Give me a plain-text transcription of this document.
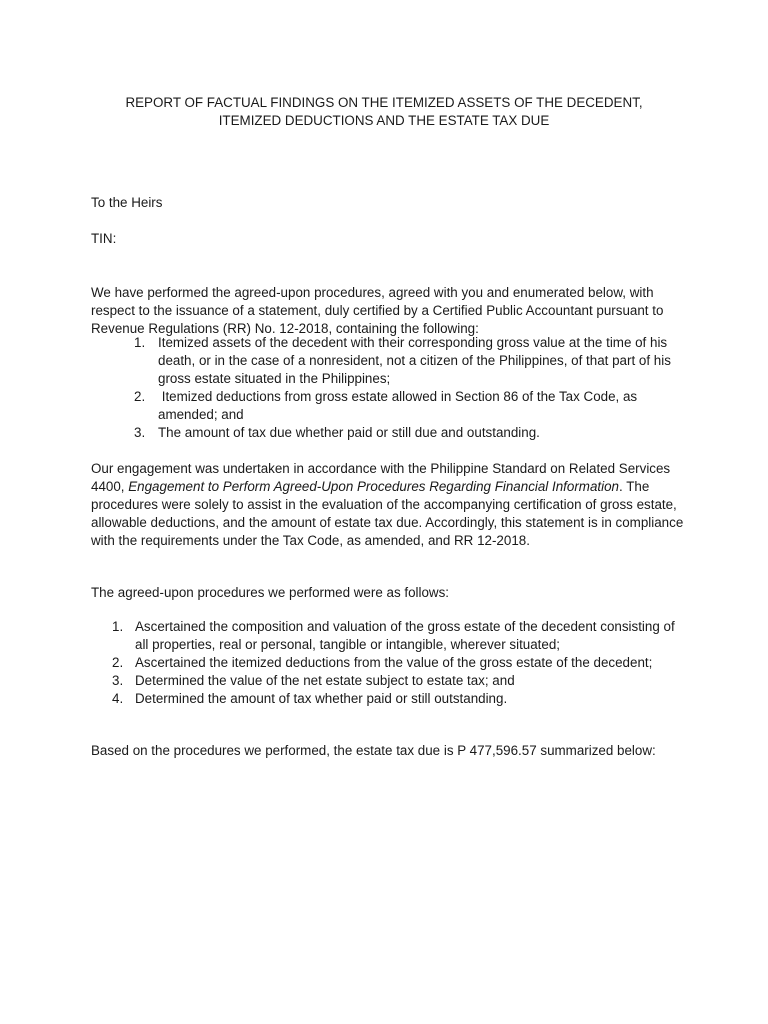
REPORT OF FACTUAL FINDINGS ON THE ITEMIZED ASSETS OF THE DECEDENT,
ITEMIZED DEDUCTIONS AND THE ESTATE TAX DUE

To the Heirs

TIN:

We have performed the agreed-upon procedures, agreed with you and enumerated below, with respect to the issuance of a statement, duly certified by a Certified Public Accountant pursuant to Revenue Regulations (RR) No. 12-2018, containing the following:

1. Itemized assets of the decedent with their corresponding gross value at the time of his death, or in the case of a nonresident, not a citizen of the Philippines, of that part of his gross estate situated in the Philippines;
2. Itemized deductions from gross estate allowed in Section 86 of the Tax Code, as amended; and
3. The amount of tax due whether paid or still due and outstanding.

Our engagement was undertaken in accordance with the Philippine Standard on Related Services 4400, Engagement to Perform Agreed-Upon Procedures Regarding Financial Information. The procedures were solely to assist in the evaluation of the accompanying certification of gross estate, allowable deductions, and the amount of estate tax due. Accordingly, this statement is in compliance with the requirements under the Tax Code, as amended, and RR 12-2018.

The agreed-upon procedures we performed were as follows:

1. Ascertained the composition and valuation of the gross estate of the decedent consisting of all properties, real or personal, tangible or intangible, wherever situated;
2. Ascertained the itemized deductions from the value of the gross estate of the decedent;
3. Determined the value of the net estate subject to estate tax; and
4. Determined the amount of tax whether paid or still outstanding.

Based on the procedures we performed, the estate tax due is P 477,596.57 summarized below:
